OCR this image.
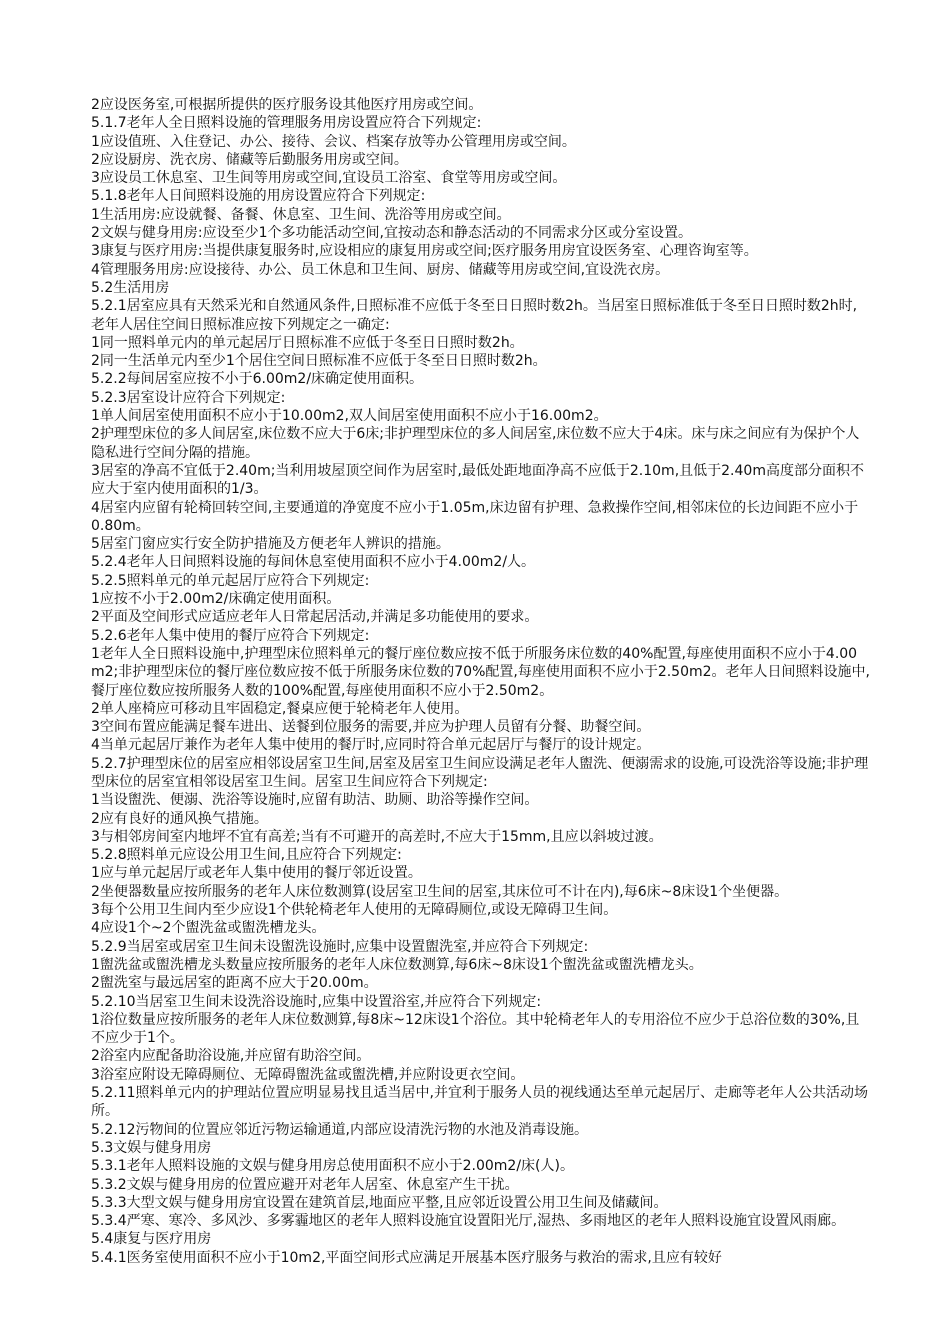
2应设医务室,可根据所提供的医疗服务设其他医疗用房或空间。

5.1.7老年人全日照料设施的管理服务用房设置应符合下列规定:

1应设值班、入住登记、办公、接待、会议、档案存放等办公管理用房或空间。

2应设厨房、洗衣房、储藏等后勤服务用房或空间。

3应设员工休息室、卫生间等用房或空间,宜设员工浴室、食堂等用房或空间。

5.1.8老年人日间照料设施的用房设置应符合下列规定:

1生活用房:应设就餐、备餐、休息室、卫生间、洗浴等用房或空间。

2文娱与健身用房:应设至少1个多功能活动空间,宜按动态和静态活动的不同需求分区或分室设置。

3康复与医疗用房:当提供康复服务时,应设相应的康复用房或空间;医疗服务用房宜设医务室、心理咨询室等。

4管理服务用房:应设接待、办公、员工休息和卫生间、厨房、储藏等用房或空间,宜设洗衣房。

5.2生活用房

5.2.1居室应具有天然采光和自然通风条件,日照标准不应低于冬至日日照时数2h。当居室日照标准低于冬至日日照时数2h时,老年人居住空间日照标准应按下列规定之一确定:

1同一照料单元内的单元起居厅日照标准不应低于冬至日日照时数2h。

2同一生活单元内至少1个居住空间日照标准不应低于冬至日日照时数2h。

5.2.2每间居室应按不小于6.00m2/床确定使用面积。

5.2.3居室设计应符合下列规定:

1单人间居室使用面积不应小于10.00m2,双人间居室使用面积不应小于16.00m2。

2护理型床位的多人间居室,床位数不应大于6床;非护理型床位的多人间居室,床位数不应大于4床。床与床之间应有为保护个人隐私进行空间分隔的措施。

3居室的净高不宜低于2.40m;当利用坡屋顶空间作为居室时,最低处距地面净高不应低于2.10m,且低于2.40m高度部分面积不应大于室内使用面积的1/3。

4居室内应留有轮椅回转空间,主要通道的净宽度不应小于1.05m,床边留有护理、急救操作空间,相邻床位的长边间距不应小于0.80m。

5居室门窗应实行安全防护措施及方便老年人辨识的措施。

5.2.4老年人日间照料设施的每间休息室使用面积不应小于4.00m2/人。

5.2.5照料单元的单元起居厅应符合下列规定:

1应按不小于2.00m2/床确定使用面积。

2平面及空间形式应适应老年人日常起居活动,并满足多功能使用的要求。

5.2.6老年人集中使用的餐厅应符合下列规定:

1老年人全日照料设施中,护理型床位照料单元的餐厅座位数应按不低于所服务床位数的40%配置,每座使用面积不应小于4.00m2;非护理型床位的餐厅座位数应按不低于所服务床位数的70%配置,每座使用面积不应小于2.50m2。老年人日间照料设施中,餐厅座位数应按所服务人数的100%配置,每座使用面积不应小于2.50m2。

2单人座椅应可移动且牢固稳定,餐桌应便于轮椅老年人使用。

3空间布置应能满足餐车进出、送餐到位服务的需要,并应为护理人员留有分餐、助餐空间。

4当单元起居厅兼作为老年人集中使用的餐厅时,应同时符合单元起居厅与餐厅的设计规定。

5.2.7护理型床位的居室应相邻设居室卫生间,居室及居室卫生间应设满足老年人盥洗、便溺需求的设施,可设洗浴等设施;非护理型床位的居室宜相邻设居室卫生间。居室卫生间应符合下列规定:

1当设盥洗、便溺、洗浴等设施时,应留有助洁、助厕、助浴等操作空间。

2应有良好的通风换气措施。

3与相邻房间室内地坪不宜有高差;当有不可避开的高差时,不应大于15mm,且应以斜坡过渡。

5.2.8照料单元应设公用卫生间,且应符合下列规定:

1应与单元起居厅或老年人集中使用的餐厅邻近设置。

2坐便器数量应按所服务的老年人床位数测算(设居室卫生间的居室,其床位可不计在内),每6床~8床设1个坐便器。

3每个公用卫生间内至少应设1个供轮椅老年人使用的无障碍厕位,或设无障碍卫生间。

4应设1个~2个盥洗盆或盥洗槽龙头。

5.2.9当居室或居室卫生间未设盥洗设施时,应集中设置盥洗室,并应符合下列规定:

1盥洗盆或盥洗槽龙头数量应按所服务的老年人床位数测算,每6床~8床设1个盥洗盆或盥洗槽龙头。

2盥洗室与最远居室的距离不应大于20.00m。

5.2.10当居室卫生间未设洗浴设施时,应集中设置浴室,并应符合下列规定:

1浴位数量应按所服务的老年人床位数测算,每8床~12床设1个浴位。其中轮椅老年人的专用浴位不应少于总浴位数的30%,且不应少于1个。

2浴室内应配备助浴设施,并应留有助浴空间。

3浴室应附设无障碍厕位、无障碍盥洗盆或盥洗槽,并应附设更衣空间。

5.2.11照料单元内的护理站位置应明显易找且适当居中,并宜利于服务人员的视线通达至单元起居厅、走廊等老年人公共活动场所。

5.2.12污物间的位置应邻近污物运输通道,内部应设清洗污物的水池及消毒设施。

5.3文娱与健身用房

5.3.1老年人照料设施的文娱与健身用房总使用面积不应小于2.00m2/床(人)。

5.3.2文娱与健身用房的位置应避开对老年人居室、休息室产生干扰。

5.3.3大型文娱与健身用房宜设置在建筑首层,地面应平整,且应邻近设置公用卫生间及储藏间。

5.3.4严寒、寒冷、多风沙、多雾霾地区的老年人照料设施宜设置阳光厅,湿热、多雨地区的老年人照料设施宜设置风雨廊。

5.4康复与医疗用房

5.4.1医务室使用面积不应小于10m2,平面空间形式应满足开展基本医疗服务与救治的需求,且应有较好
